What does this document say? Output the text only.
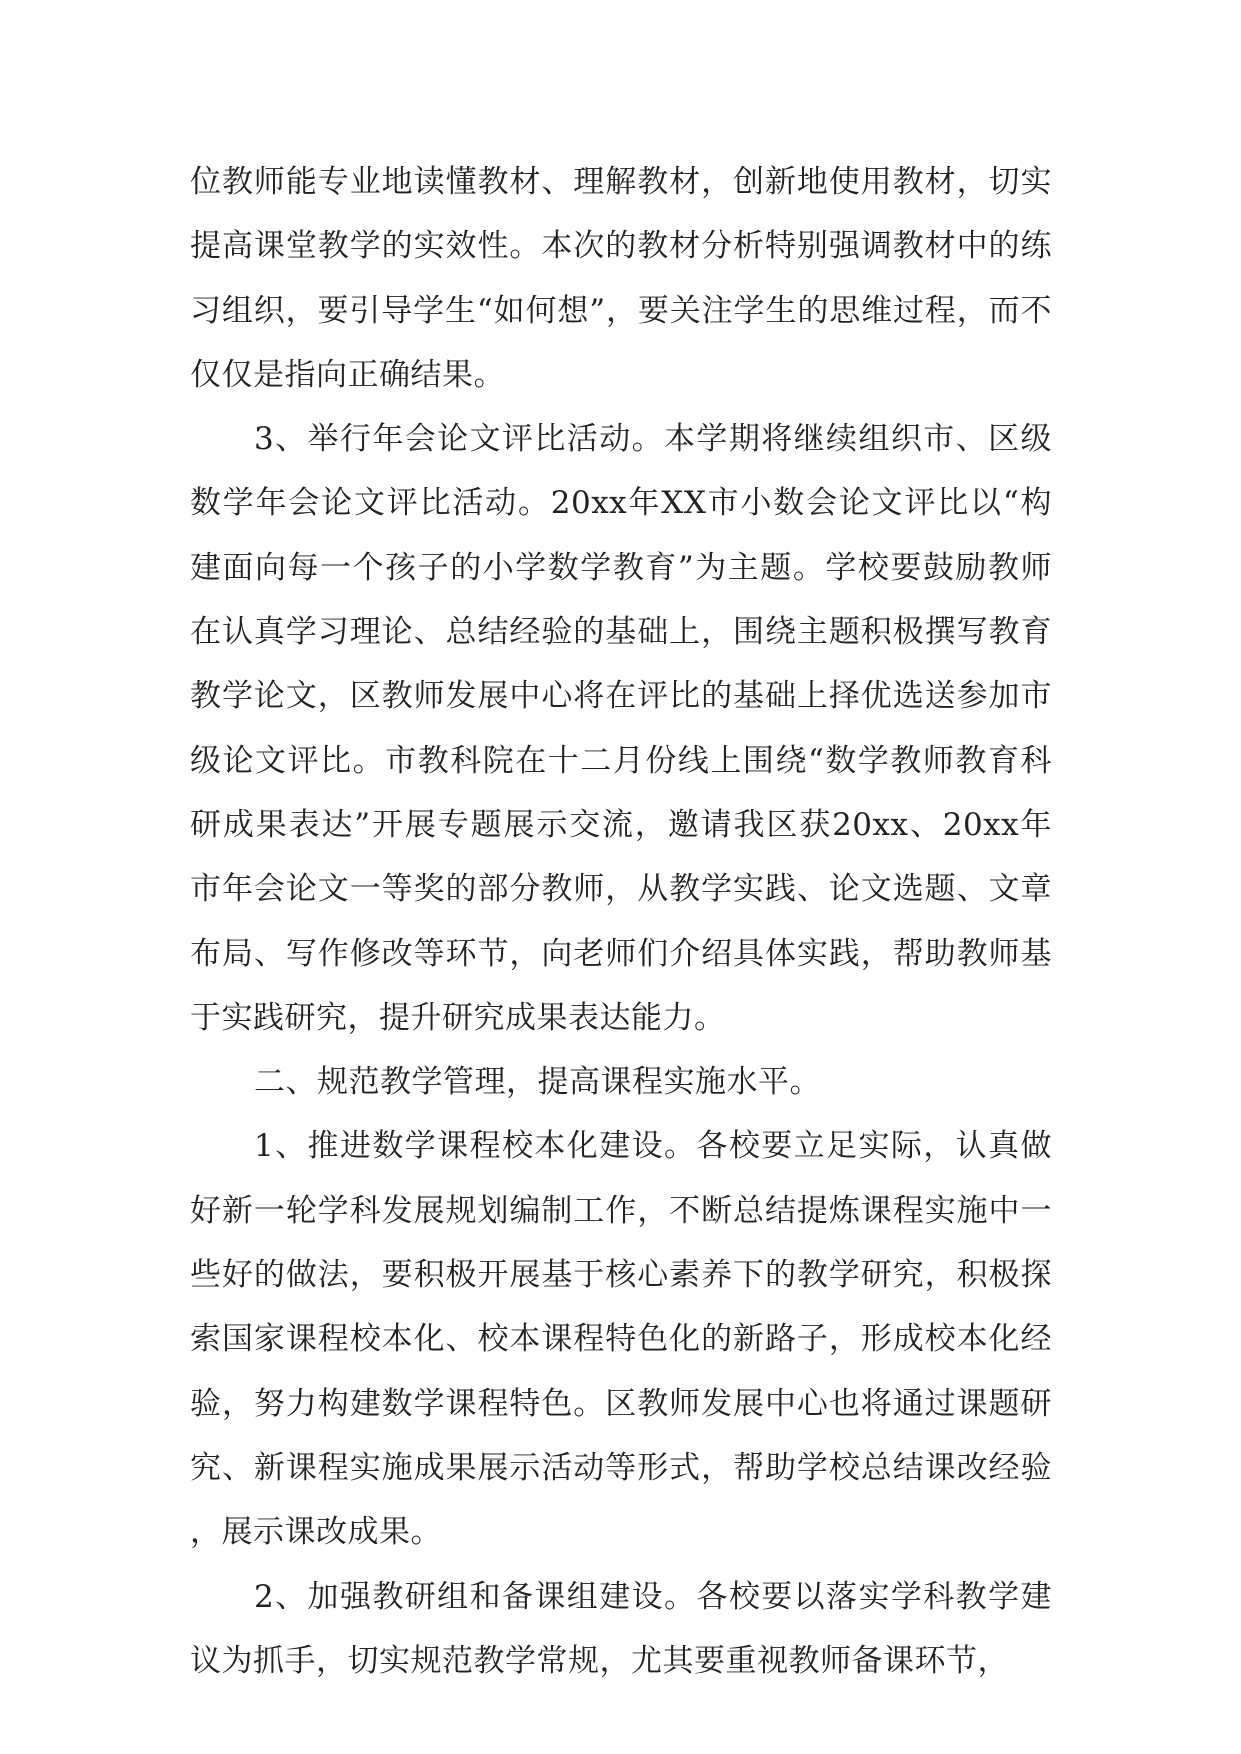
位教师能专业地读懂教材、理解教材，创新地使用教材，切实提高课堂教学的实效性。本次的教材分析特别强调教材中的练习组织，要引导学生“如何想”，要关注学生的思维过程，而不仅仅是指向正确结果。

3、举行年会论文评比活动。本学期将继续组织市、区级数学年会论文评比活动。20xx年XX市小数会论文评比以“构建面向每一个孩子的小学数学教育”为主题。学校要鼓励教师在认真学习理论、总结经验的基础上，围绕主题积极撰写教育教学论文，区教师发展中心将在评比的基础上择优选送参加市级论文评比。市教科院在十二月份线上围绕“数学教师教育科研成果表达”开展专题展示交流，邀请我区获20xx、20xx年市年会论文一等奖的部分教师，从教学实践、论文选题、文章布局、写作修改等环节，向老师们介绍具体实践，帮助教师基于实践研究，提升研究成果表达能力。

二、规范教学管理，提高课程实施水平。

1、推进数学课程校本化建设。各校要立足实际，认真做好新一轮学科发展规划编制工作，不断总结提炼课程实施中一些好的做法，要积极开展基于核心素养下的教学研究，积极探索国家课程校本化、校本课程特色化的新路子，形成校本化经验，努力构建数学课程特色。区教师发展中心也将通过课题研究、新课程实施成果展示活动等形式，帮助学校总结课改经验，展示课改成果。

2、加强教研组和备课组建设。各校要以落实学科教学建议为抓手，切实规范教学常规，尤其要重视教师备课环节，
